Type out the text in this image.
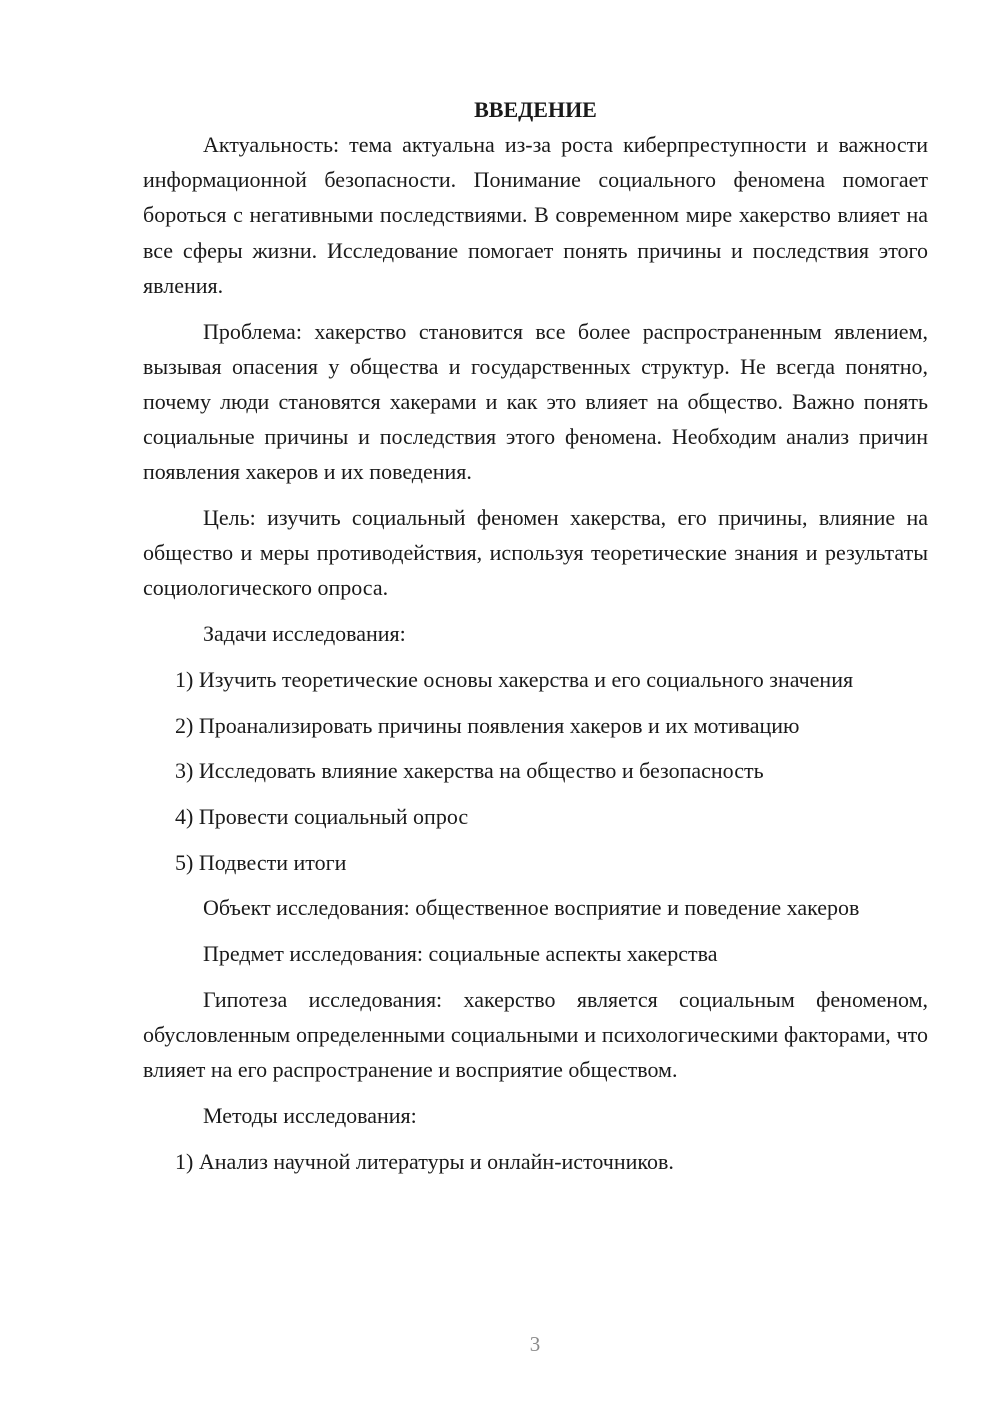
ВВЕДЕНИЕ

Актуальность: тема актуальна из-за роста киберпреступности и важности информационной безопасности. Понимание социального феномена помогает бороться с негативными последствиями. В современном мире хакерство влияет на все сферы жизни. Исследование помогает понять причины и последствия этого явления.

Проблема: хакерство становится все более распространенным явлением, вызывая опасения у общества и государственных структур. Не всегда понятно, почему люди становятся хакерами и как это влияет на общество. Важно понять социальные причины и последствия этого феномена. Необходим анализ причин появления хакеров и их поведения.

Цель: изучить социальный феномен хакерства, его причины, влияние на общество и меры противодействия, используя теоретические знания и результаты социологического опроса.

Задачи исследования:

1) Изучить теоретические основы хакерства и его социального значения

2) Проанализировать причины появления хакеров и их мотивацию

3) Исследовать влияние хакерства на общество и безопасность

4) Провести социальный опрос

5) Подвести итоги

Объект исследования: общественное восприятие и поведение хакеров

Предмет исследования: социальные аспекты хакерства

Гипотеза исследования: хакерство является социальным феноменом, обусловленным определенными социальными и психологическими факторами, что влияет на его распространение и восприятие обществом.

Методы исследования:

1) Анализ научной литературы и онлайн-источников.

3
